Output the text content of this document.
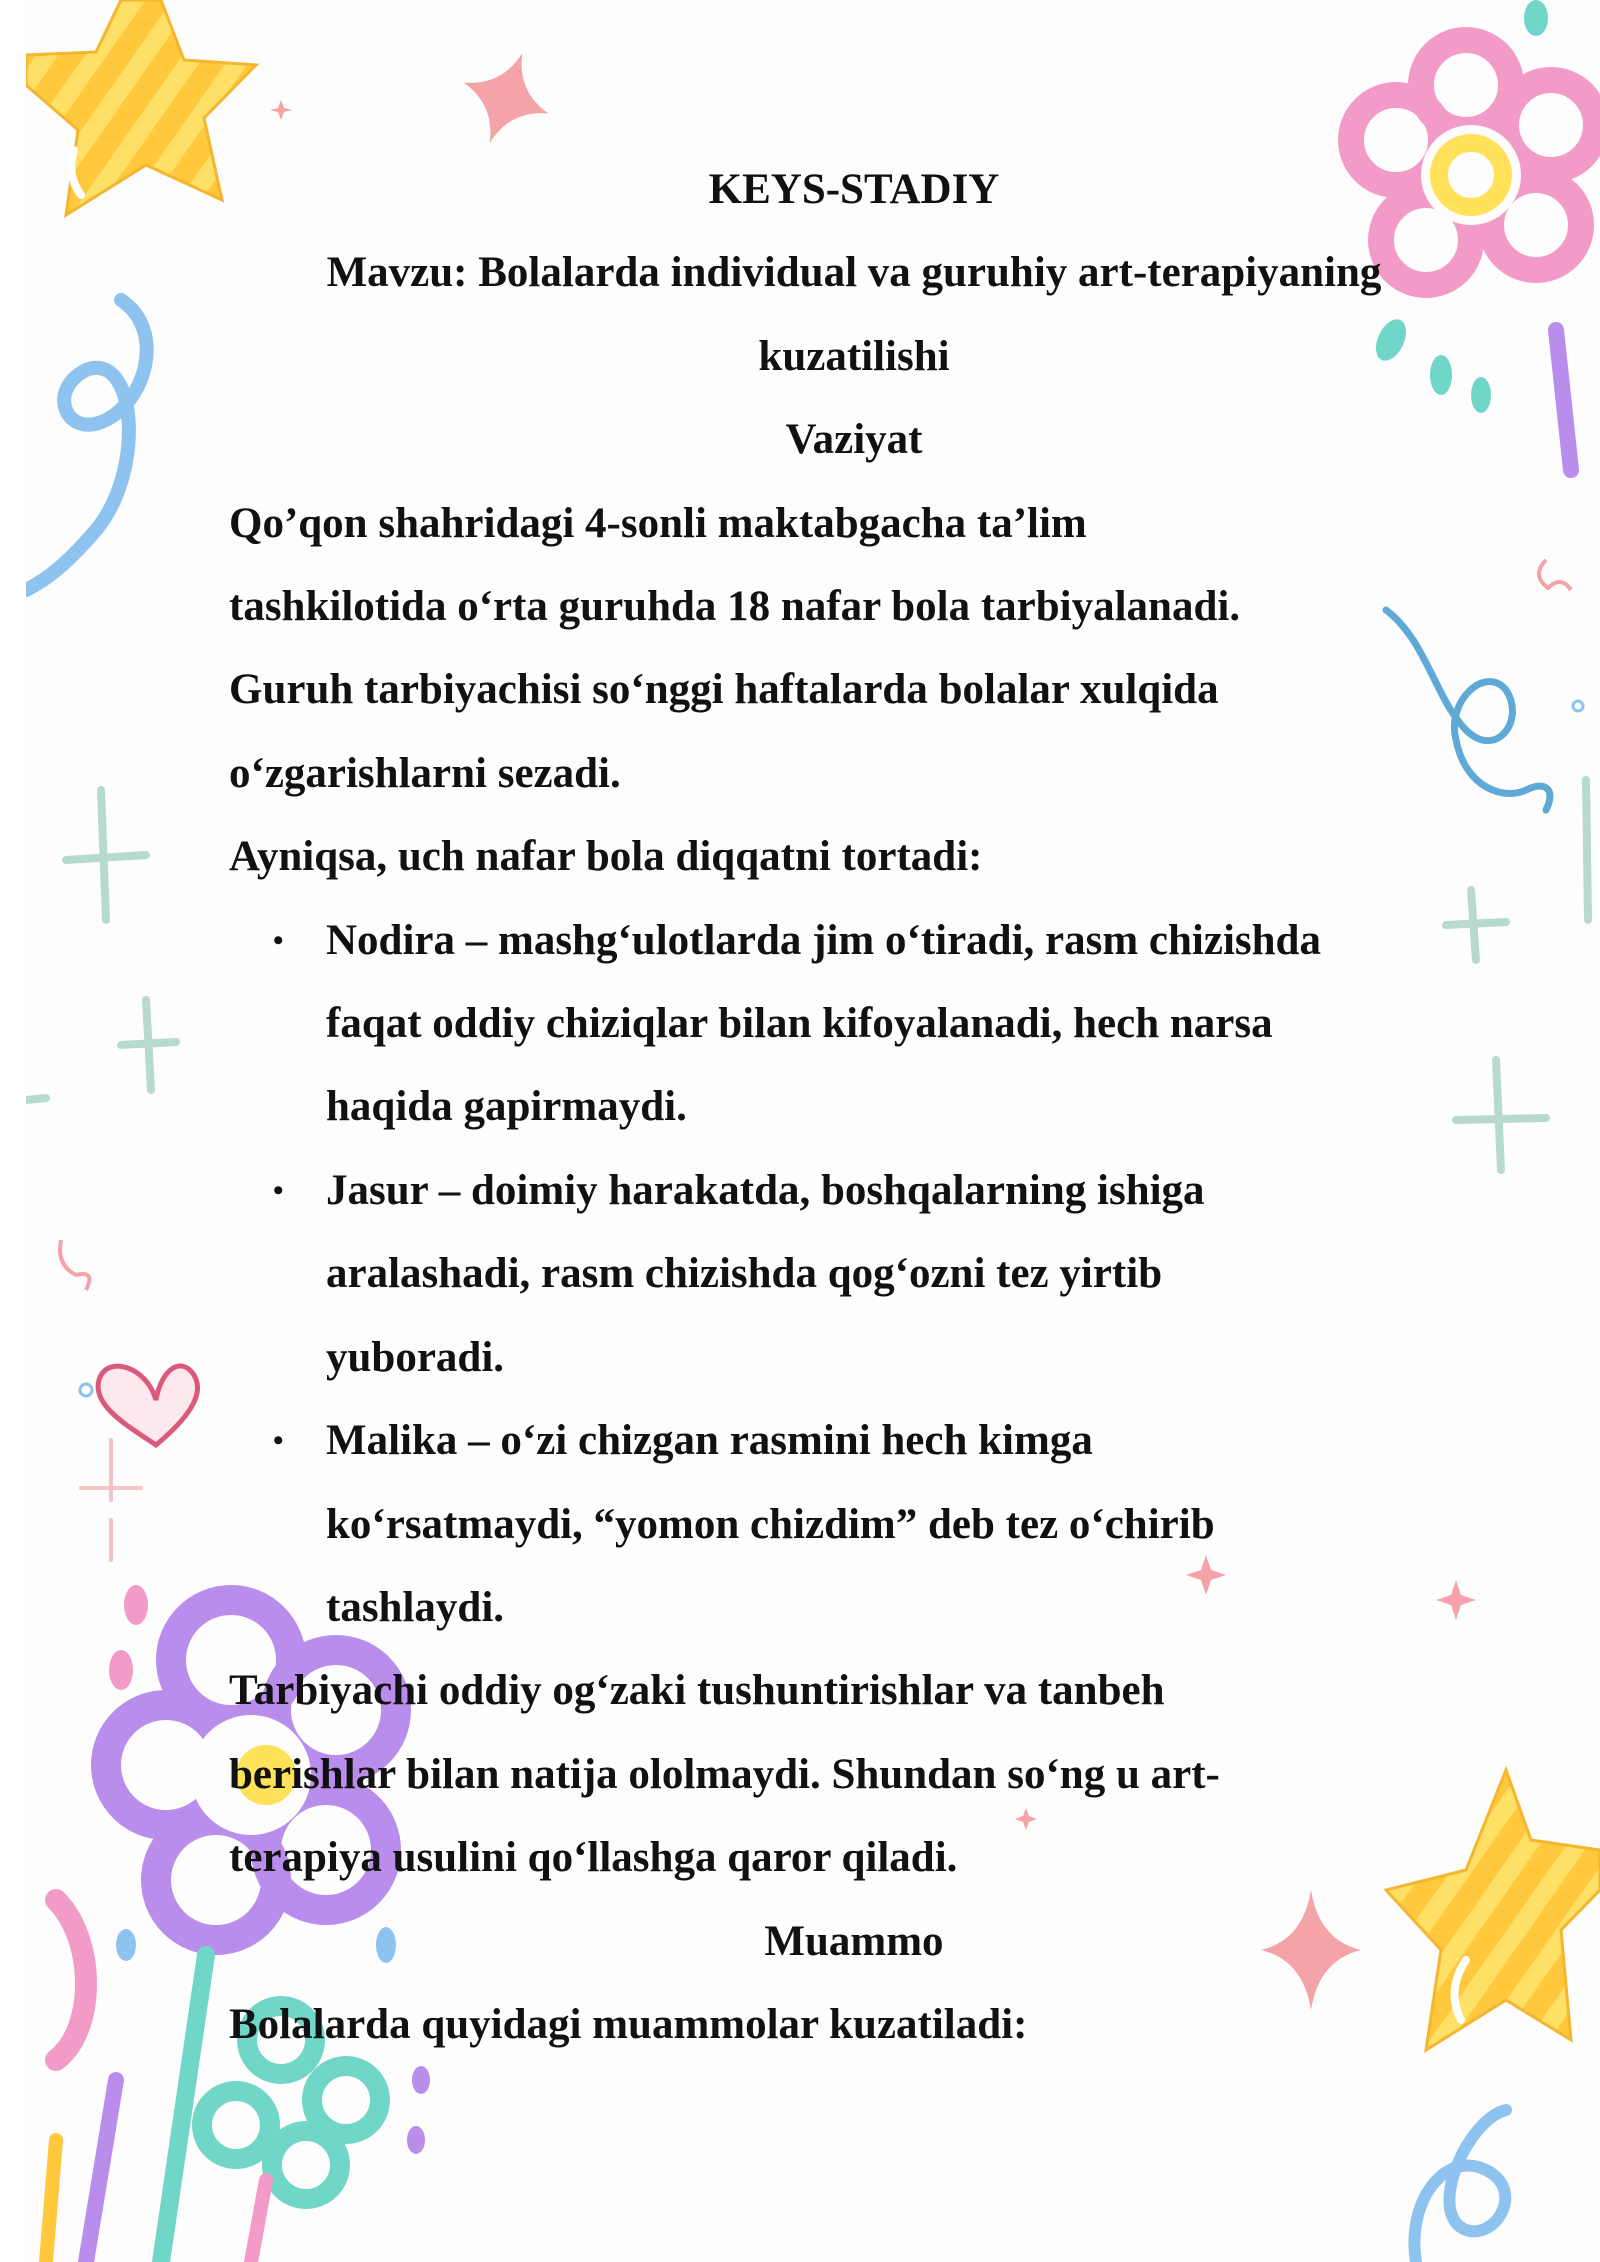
KEYS-STADIY
Mavzu: Bolalarda individual va guruhiy art-terapiyaning
kuzatilishi
Vaziyat

Qo’qon shahridagi 4-sonli maktabgacha ta’lim
tashkilotida o‘rta guruhda 18 nafar bola tarbiyalanadi.
Guruh tarbiyachisi so‘nggi haftalarda bolalar xulqida
o‘zgarishlarni sezadi.

Ayniqsa, uch nafar bola diqqatni tortadi:

• Nodira – mashg‘ulotlarda jim o‘tiradi, rasm chizishda
faqat oddiy chiziqlar bilan kifoyalanadi, hech narsa
haqida gapirmaydi.
• Jasur – doimiy harakatda, boshqalarning ishiga
aralashadi, rasm chizishda qog‘ozni tez yirtib
yuboradi.
• Malika – o‘zi chizgan rasmini hech kimga
ko‘rsatmaydi, “yomon chizdim” deb tez o‘chirib
tashlaydi.

Tarbiyachi oddiy og‘zaki tushuntirishlar va tanbeh
berishlar bilan natija ololmaydi. Shundan so‘ng u art-
terapiya usulini qo‘llashga qaror qiladi.

Muammo

Bolalarda quyidagi muammolar kuzatiladi:
